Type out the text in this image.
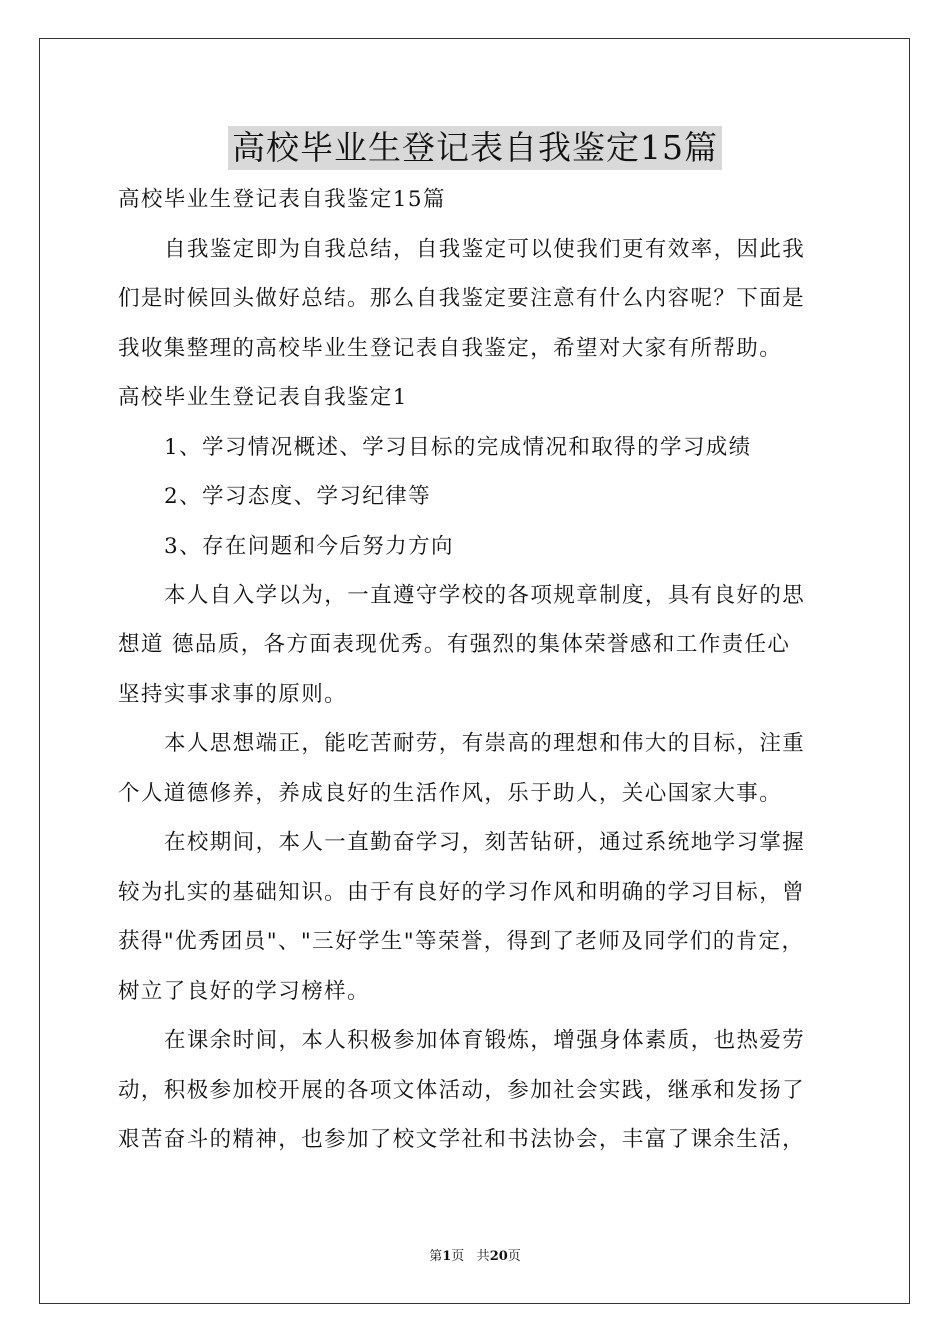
高校毕业生登记表自我鉴定15篇
高校毕业生登记表自我鉴定15篇
自我鉴定即为自我总结，自我鉴定可以使我们更有效率，因此我
们是时候回头做好总结。那么自我鉴定要注意有什么内容呢？下面是
我收集整理的高校毕业生登记表自我鉴定，希望对大家有所帮助。
高校毕业生登记表自我鉴定1
1、学习情况概述、学习目标的完成情况和取得的学习成绩
2、学习态度、学习纪律等
3、存在问题和今后努力方向
本人自入学以为，一直遵守学校的各项规章制度，具有良好的思
想道 德品质，各方面表现优秀。有强烈的集体荣誉感和工作责任心
坚持实事求事的原则。
本人思想端正，能吃苦耐劳，有崇高的理想和伟大的目标，注重
个人道德修养，养成良好的生活作风，乐于助人，关心国家大事。
在校期间，本人一直勤奋学习，刻苦钻研，通过系统地学习掌握
较为扎实的基础知识。由于有良好的学习作风和明确的学习目标，曾
获得"优秀团员"、"三好学生"等荣誉，得到了老师及同学们的肯定，
树立了良好的学习榜样。
在课余时间，本人积极参加体育锻炼，增强身体素质，也热爱劳
动，积极参加校开展的各项文体活动，参加社会实践，继承和发扬了
艰苦奋斗的精神，也参加了校文学社和书法协会，丰富了课余生活，
第1页 共20页
